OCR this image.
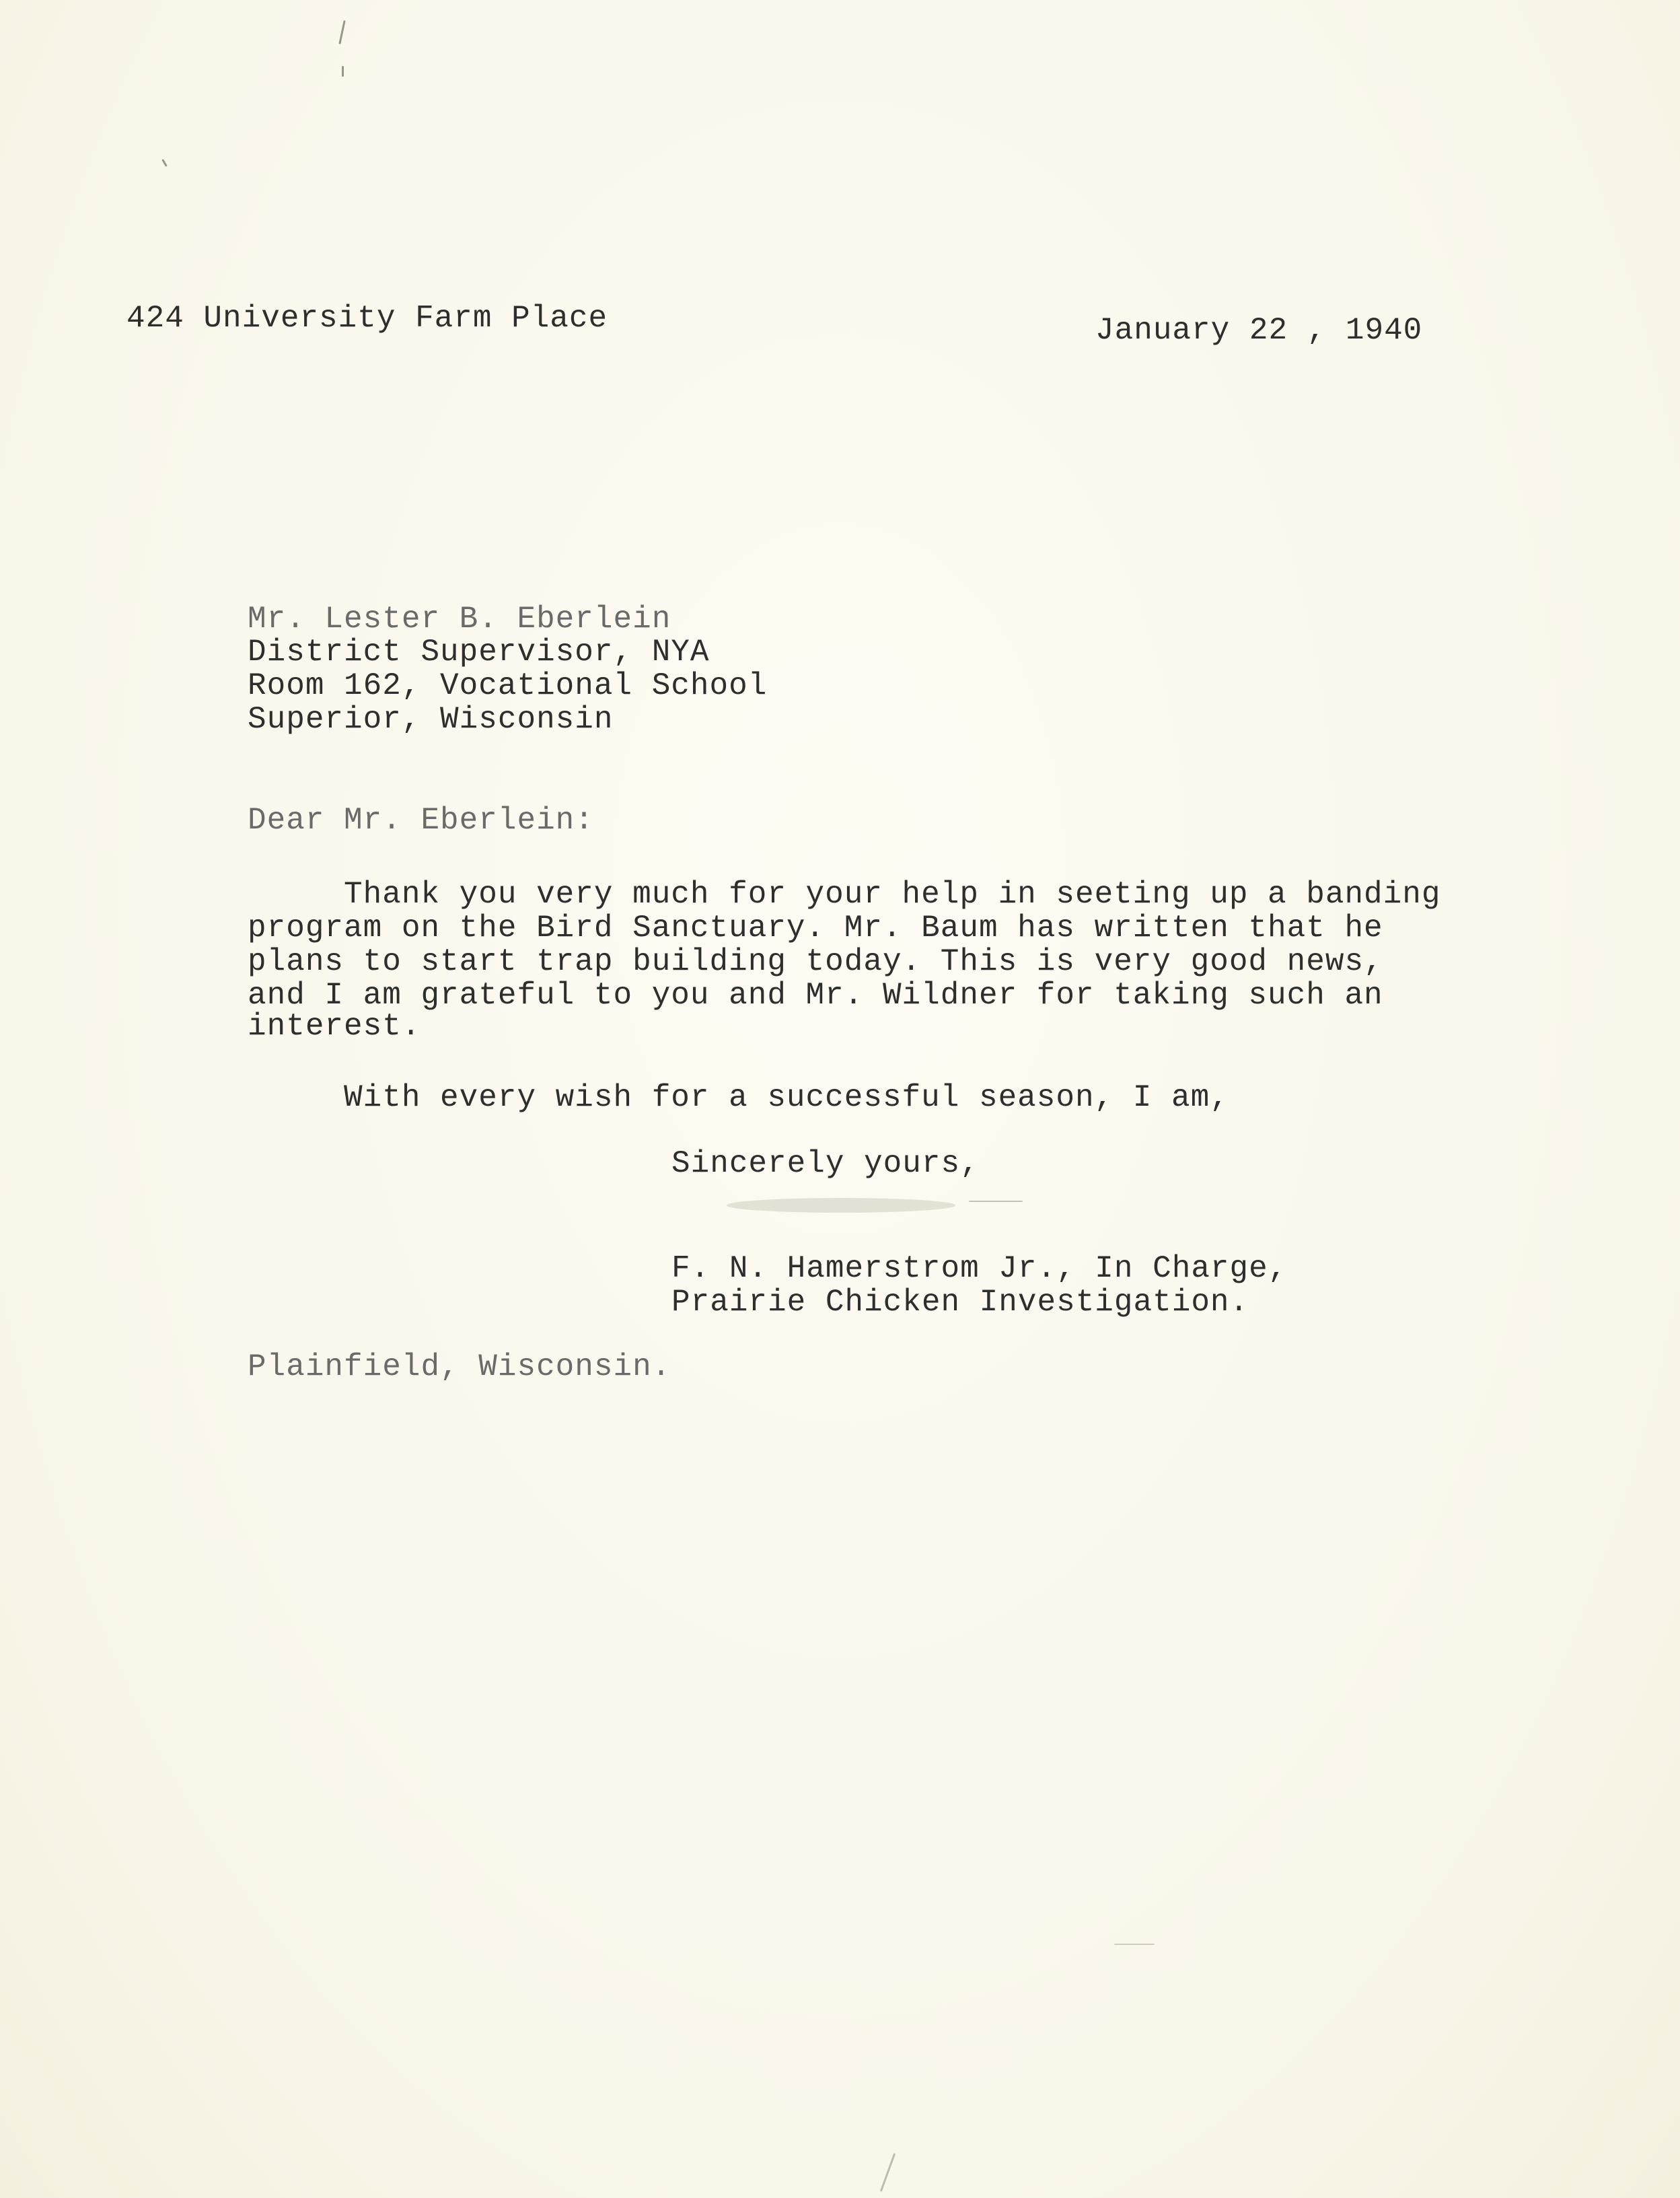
424 University Farm Place	January 22 , 1940
Mr. Lester B. Eberlein
District Supervisor, NYA
Room 162, Vocational School
Superior, Wisconsin
Dear Mr. Eberlein:
Thank you very much for your help in seeting up a banding
program on the Bird Sanctuary. Mr. Baum has written that he
plans to start trap building today. This is very good news,
and I am grateful to you and Mr. Wildner for taking such an
interest.
With every wish for a successful season, I am,
Sincerely yours,
F. N. Hamerstrom Jr., In Charge,
Prairie Chicken Investigation.
Plainfield, Wisconsin.
